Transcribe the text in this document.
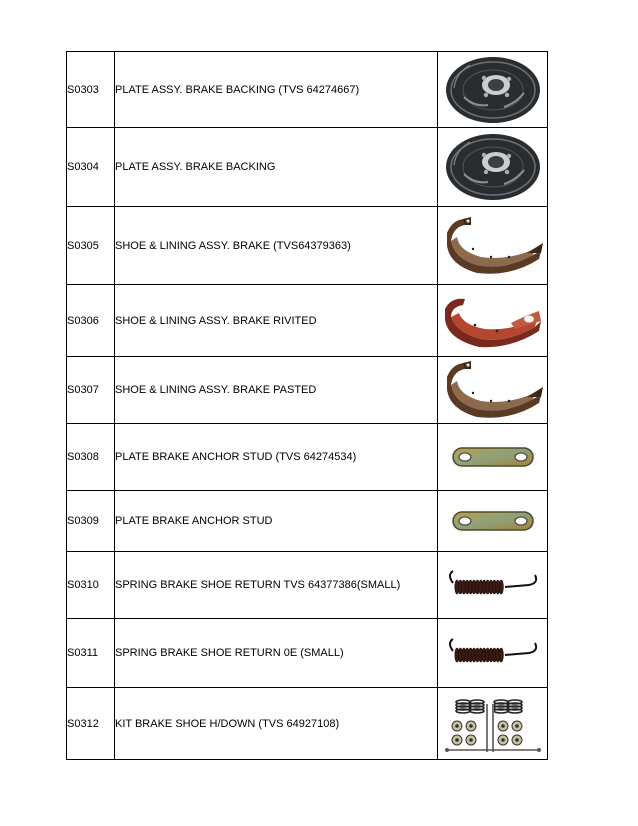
S0303	PLATE ASSY. BRAKE BACKING (TVS 64274667)	

S0304	PLATE ASSY. BRAKE BACKING	

S0305	SHOE & LINING ASSY. BRAKE (TVS64379363)	

S0306	SHOE & LINING ASSY. BRAKE RIVITED	

S0307	SHOE & LINING ASSY. BRAKE PASTED	

S0308	PLATE BRAKE ANCHOR STUD (TVS 64274534)	

S0309	PLATE BRAKE ANCHOR STUD	

S0310	SPRING BRAKE SHOE RETURN TVS 64377386(SMALL)	

S0311	SPRING BRAKE SHOE RETURN 0E (SMALL)	

S0312	KIT BRAKE SHOE H/DOWN (TVS 64927108)	
